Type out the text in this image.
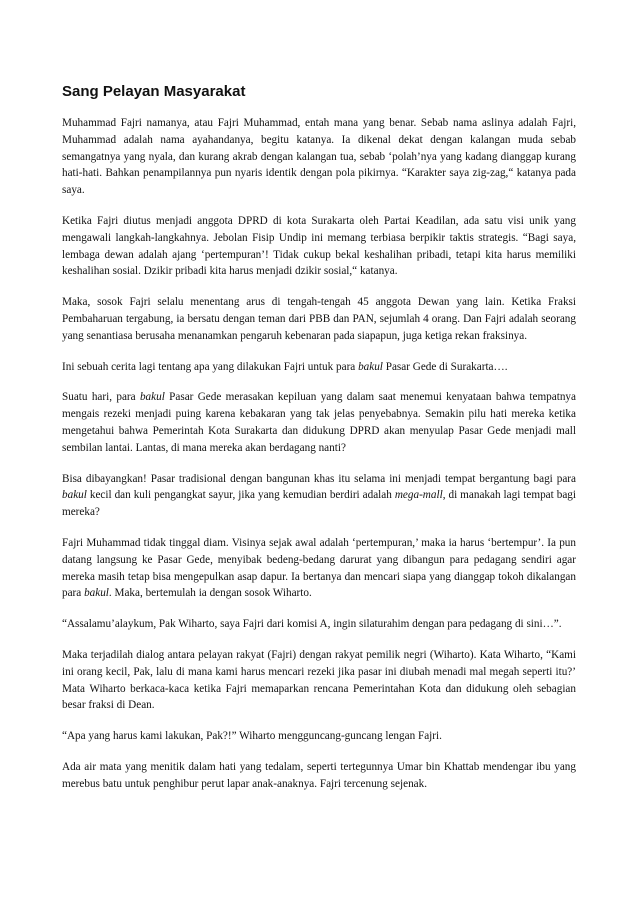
Sang Pelayan Masyarakat

Muhammad Fajri namanya, atau Fajri Muhammad, entah mana yang benar. Sebab nama aslinya adalah Fajri, Muhammad adalah nama ayahandanya, begitu katanya. Ia dikenal dekat dengan kalangan muda sebab semangatnya yang nyala, dan kurang akrab dengan kalangan tua, sebab ‘polah’nya yang kadang dianggap kurang hati-hati. Bahkan penampilannya pun nyaris identik dengan pola pikirnya. “Karakter saya zig-zag,“ katanya pada saya.

Ketika Fajri diutus menjadi anggota DPRD di kota Surakarta oleh Partai Keadilan, ada satu visi unik yang mengawali langkah-langkahnya. Jebolan Fisip Undip ini memang terbiasa berpikir taktis strategis. “Bagi saya, lembaga dewan adalah ajang ‘pertempuran’! Tidak cukup bekal keshalihan pribadi, tetapi kita harus memiliki keshalihan sosial. Dzikir pribadi kita harus menjadi dzikir sosial,“ katanya.

Maka, sosok Fajri selalu menentang arus di tengah-tengah 45 anggota Dewan yang lain. Ketika Fraksi Pembaharuan tergabung, ia bersatu dengan teman dari PBB dan PAN, sejumlah 4 orang. Dan Fajri adalah seorang yang senantiasa berusaha menanamkan pengaruh kebenaran pada siapapun, juga ketiga rekan fraksinya.

Ini sebuah cerita lagi tentang apa yang dilakukan Fajri untuk para bakul Pasar Gede di Surakarta….

Suatu hari, para bakul Pasar Gede merasakan kepiluan yang dalam saat menemui kenyataan bahwa tempatnya mengais rezeki menjadi puing karena kebakaran yang tak jelas penyebabnya. Semakin pilu hati mereka ketika mengetahui bahwa Pemerintah Kota Surakarta dan didukung DPRD akan menyulap Pasar Gede menjadi mall sembilan lantai. Lantas, di mana mereka akan berdagang nanti?

Bisa dibayangkan! Pasar tradisional dengan bangunan khas itu selama ini menjadi tempat bergantung bagi para bakul kecil dan kuli pengangkat sayur, jika yang kemudian berdiri adalah mega-mall, di manakah lagi tempat bagi mereka?

Fajri Muhammad tidak tinggal diam. Visinya sejak awal adalah ‘pertempuran,’ maka ia harus ‘bertempur’. Ia pun datang langsung ke Pasar Gede, menyibak bedeng-bedang darurat yang dibangun para pedagang sendiri agar mereka masih tetap bisa mengepulkan asap dapur. Ia bertanya dan mencari siapa yang dianggap tokoh dikalangan para bakul. Maka, bertemulah ia dengan sosok Wiharto.

“Assalamu’alaykum, Pak Wiharto, saya Fajri dari komisi A, ingin silaturahim dengan para pedagang di sini…”.

Maka terjadilah dialog antara pelayan rakyat (Fajri) dengan rakyat pemilik negri (Wiharto). Kata Wiharto, “Kami ini orang kecil, Pak, lalu di mana kami harus mencari rezeki jika pasar ini diubah menadi mal megah seperti itu?’ Mata Wiharto berkaca-kaca ketika Fajri memaparkan rencana Pemerintahan Kota dan didukung oleh sebagian besar fraksi di Dean.

“Apa yang harus kami lakukan, Pak?!” Wiharto mengguncang-guncang lengan Fajri.

Ada air mata yang menitik dalam hati yang tedalam, seperti tertegunnya Umar bin Khattab mendengar ibu yang merebus batu untuk penghibur perut lapar anak-anaknya. Fajri tercenung sejenak.
